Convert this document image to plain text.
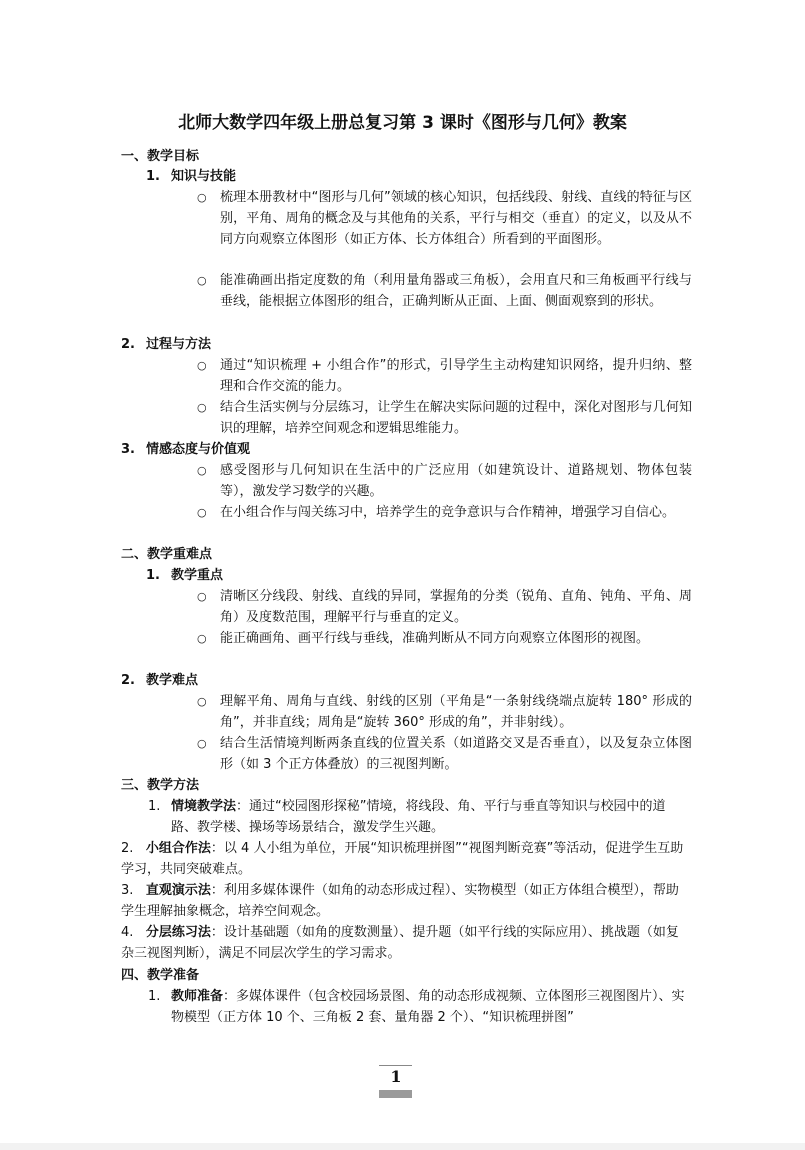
北师大数学四年级上册总复习第 3 课时《图形与几何》教案
一、教学目标
1. 知识与技能
○ 梳理本册教材中“图形与几何”领域的核心知识，包括线段、射线、直线的特征与区别，平角、周角的概念及与其他角的关系，平行与相交（垂直）的定义，以及从不同方向观察立体图形（如正方体、长方体组合）所看到的平面图形。
○ 能准确画出指定度数的角（利用量角器或三角板），会用直尺和三角板画平行线与垂线，能根据立体图形的组合，正确判断从正面、上面、侧面观察到的形状。
2. 过程与方法
○ 通过“知识梳理 + 小组合作”的形式，引导学生主动构建知识网络，提升归纳、整理和合作交流的能力。
○ 结合生活实例与分层练习，让学生在解决实际问题的过程中，深化对图形与几何知识的理解，培养空间观念和逻辑思维能力。
3. 情感态度与价值观
○ 感受图形与几何知识在生活中的广泛应用（如建筑设计、道路规划、物体包装等），激发学习数学的兴趣。
○ 在小组合作与闯关练习中，培养学生的竞争意识与合作精神，增强学习自信心。
二、教学重难点
1. 教学重点
○ 清晰区分线段、射线、直线的异同，掌握角的分类（锐角、直角、钝角、平角、周角）及度数范围，理解平行与垂直的定义。
○ 能正确画角、画平行线与垂线，准确判断从不同方向观察立体图形的视图。
2. 教学难点
○ 理解平角、周角与直线、射线的区别（平角是“一条射线绕端点旋转 180° 形成的角”，并非直线；周角是“旋转 360° 形成的角”，并非射线）。
○ 结合生活情境判断两条直线的位置关系（如道路交叉是否垂直），以及复杂立体图形（如 3 个正方体叠放）的三视图判断。
三、教学方法
1. 情境教学法：通过“校园图形探秘”情境，将线段、角、平行与垂直等知识与校园中的道路、教学楼、操场等场景结合，激发学生兴趣。
2. 小组合作法：以 4 人小组为单位，开展“知识梳理拼图”“视图判断竞赛”等活动，促进学生互助学习，共同突破难点。
3. 直观演示法：利用多媒体课件（如角的动态形成过程）、实物模型（如正方体组合模型），帮助学生理解抽象概念，培养空间观念。
4. 分层练习法：设计基础题（如角的度数测量）、提升题（如平行线的实际应用）、挑战题（如复杂三视图判断），满足不同层次学生的学习需求。
四、教学准备
1. 教师准备：多媒体课件（包含校园场景图、角的动态形成视频、立体图形三视图图片）、实物模型（正方体 10 个、三角板 2 套、量角器 2 个）、“知识梳理拼图”
1
